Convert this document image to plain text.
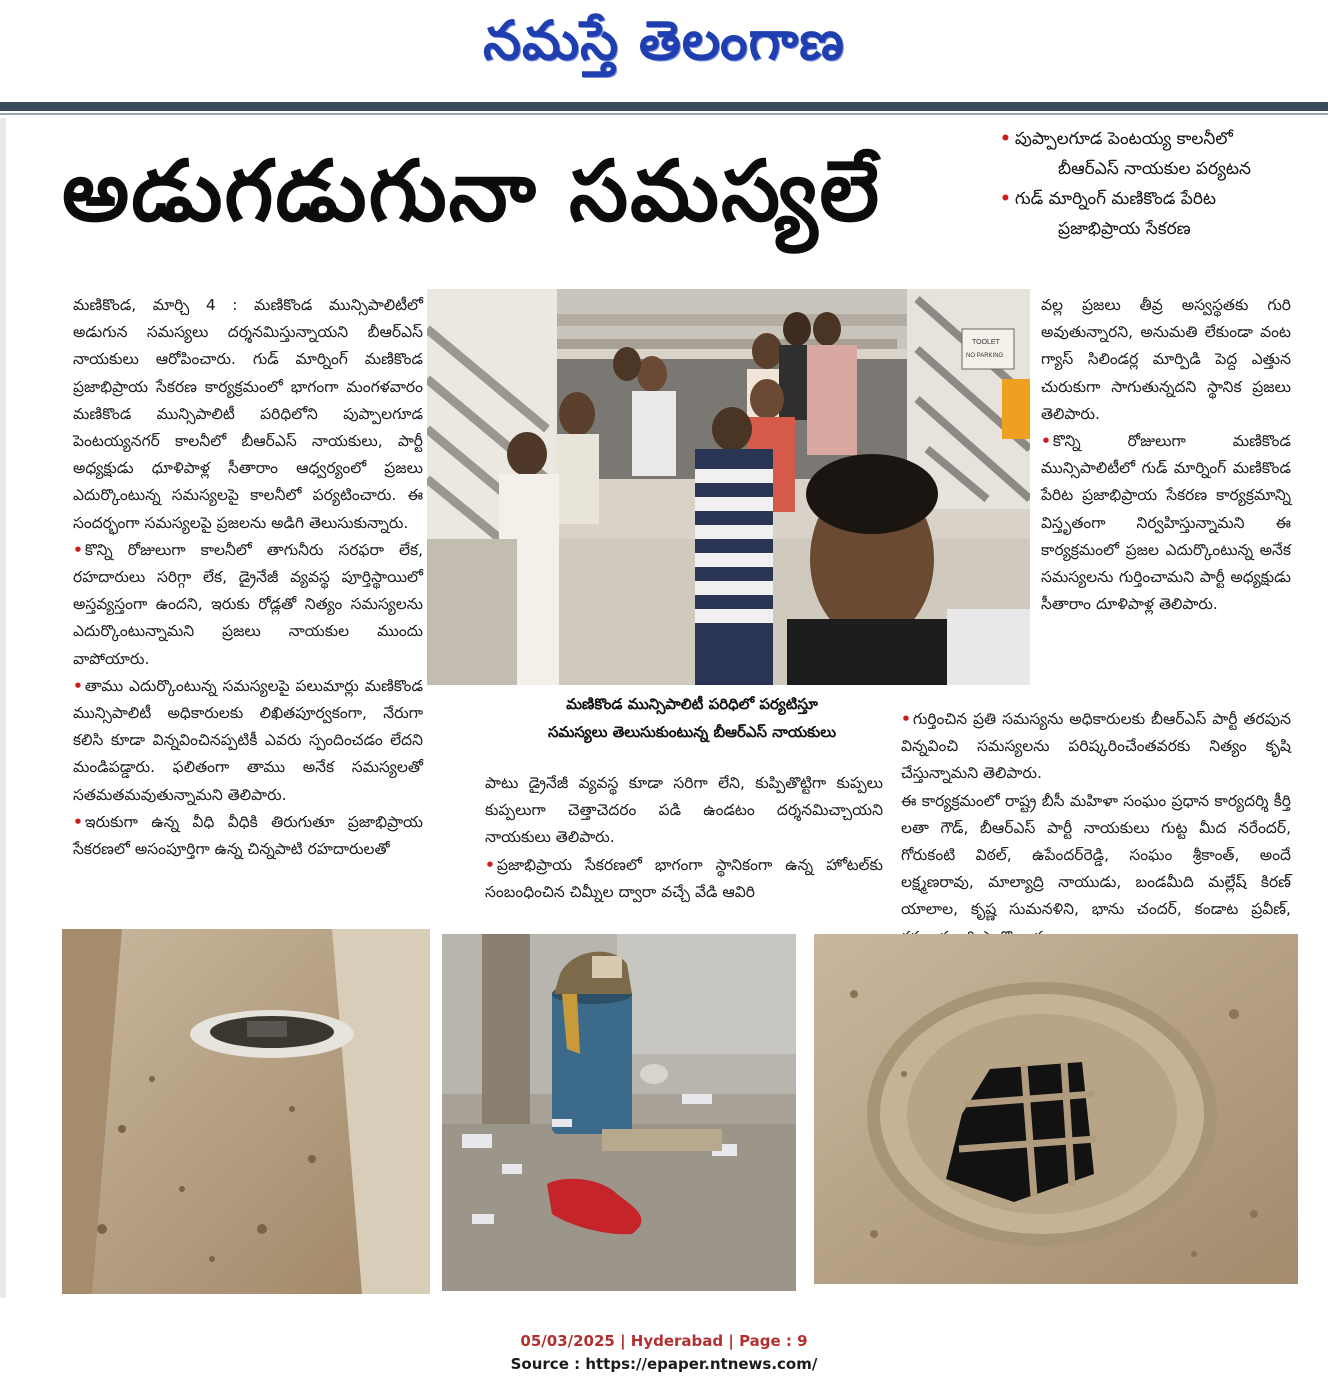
నమస్తే తెలంగాణ
అడుగడుగునా సమస్యలే
• పుప్పాలగూడ పెంటయ్య కాలనీలో
బీఆర్‌ఎస్ నాయకుల పర్యటన
• గుడ్ మార్నింగ్ మణికొండ పేరిట
ప్రజాభిప్రాయ సేకరణ

మణికొండ, మార్చి 4 : మణికొండ మున్సిపాలిటీలో అడుగున సమస్యలు దర్శనమిస్తున్నాయని బీఆర్‌ఎస్ నాయకులు ఆరోపించారు. గుడ్ మార్నింగ్ మణికొండ ప్రజాభిప్రాయ సేకరణ కార్యక్రమంలో భాగంగా మంగళవారం మణికొండ మున్సిపాలిటీ పరిధిలోని పుప్పాలగూడ పెంటయ్యనగర్ కాలనీలో బీఆర్‌ఎస్ నాయకులు, పార్టీ అధ్యక్షుడు ధూళిపాళ్ల సీతారాం ఆధ్వర్యంలో ప్రజలు ఎదుర్కొంటున్న సమస్యలపై కాలనీలో పర్యటించారు. ఈ సందర్భంగా సమస్యలపై ప్రజలను అడిగి తెలుసుకున్నారు.

• కొన్ని రోజులుగా కాలనీలో తాగునీరు సరఫరా లేక, రహదారులు సరిగ్గా లేక, డ్రైనేజీ వ్యవస్థ పూర్తిస్థాయిలో అస్తవ్యస్తంగా ఉందని, ఇరుకు రోడ్లతో నిత్యం సమస్యలను ఎదుర్కొంటున్నామని ప్రజలు నాయకుల ముందు వాపోయారు.

• తాము ఎదుర్కొంటున్న సమస్యలపై పలుమార్లు మణికొండ మున్సిపాలిటీ అధికారులకు లిఖితపూర్వకంగా, నేరుగా కలిసి కూడా విన్నవించినప్పటికీ ఎవరు స్పందించడం లేదని మండిపడ్డారు. ఫలితంగా తాము అనేక సమస్యలతో సతమతమవుతున్నామని తెలిపారు.

• ఇరుకుగా ఉన్న వీధి వీధికి తిరుగుతూ ప్రజాభిప్రాయ సేకరణలో అసంపూర్తిగా ఉన్న చిన్నపాటి రహదారులతో

TOOLET
NO PARKING
మణికొండ మున్సిపాలిటీ పరిధిలో పర్యటిస్తూ
సమస్యలు తెలుసుకుంటున్న బీఆర్‌ఎస్ నాయకులు

పాటు డ్రైనేజీ వ్యవస్థ కూడా సరిగా లేని, కుప్పితొట్టిగా కుప్పలు కుప్పలుగా చెత్తాచెదరం పడి ఉండటం దర్శనమిచ్చాయని నాయకులు తెలిపారు.

• ప్రజాభిప్రాయ సేకరణలో భాగంగా స్థానికంగా ఉన్న హోటల్‌కు సంబంధించిన చిమ్నీల ద్వారా వచ్చే వేడి ఆవిరి

వల్ల ప్రజలు తీవ్ర అస్వస్థతకు గురి అవుతున్నారని, అనుమతి లేకుండా వంట గ్యాస్ సిలిండర్ల మార్పిడి పెద్ద ఎత్తున చురుకుగా సాగుతున్నదని స్థానిక ప్రజలు తెలిపారు.

• కొన్ని రోజులుగా మణికొండ మున్సిపాలిటీలో గుడ్ మార్నింగ్ మణికొండ పేరిట ప్రజాభిప్రాయ సేకరణ కార్యక్రమాన్ని విస్తృతంగా నిర్వహిస్తున్నామని ఈ కార్యక్రమంలో ప్రజల ఎదుర్కొంటున్న అనేక సమస్యలను గుర్తించామని పార్టీ అధ్యక్షుడు సీతారాం దూళిపాళ్ల తెలిపారు.

• గుర్తించిన ప్రతి సమస్యను అధికారులకు బీఆర్‌ఎస్ పార్టీ తరపున విన్నవించి సమస్యలను పరిష్కరించేంతవరకు నిత్యం కృషి చేస్తున్నామని తెలిపారు.

ఈ కార్యక్రమంలో రాష్ట్ర బీసీ మహిళా సంఘం ప్రధాన కార్యదర్శి కీర్తి లతా గౌడ్, బీఆర్‌ఎస్ పార్టీ నాయకులు గుట్ట మీద నరేందర్, గోరుకంటి విఠల్, ఉపేందర్‌రెడ్డి, సంఘం శ్రీకాంత్, అందే లక్ష్మణరావు, మాల్యాద్రి నాయుడు, బండమీది మల్లేష్ కిరణ్ యాలాల, కృష్ణ సుమనళిని, భాను చందర్, కండాట ప్రవీణ్,

05/03/2025 | Hyderabad | Page : 9
Source : https://epaper.ntnews.com/
